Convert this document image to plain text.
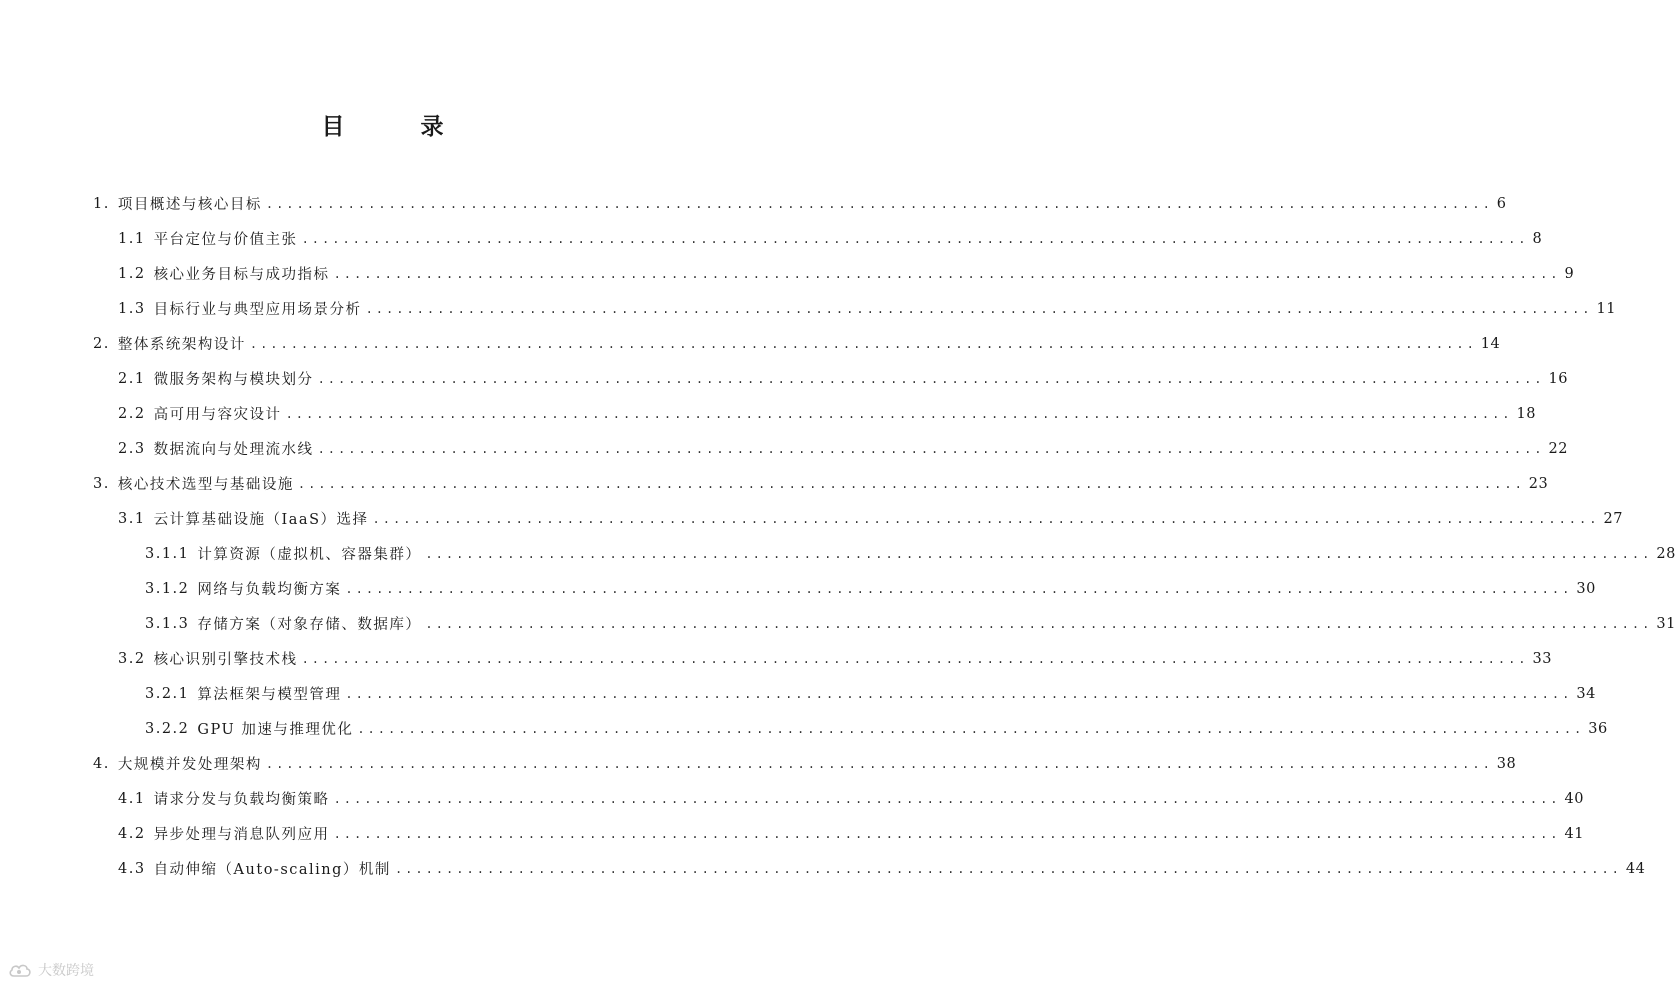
目 录
1. 项目概述与核心目标 ........................................................................................................................ 6
1.1 平台定位与价值主张 ........................................................................................................................ 8
1.2 核心业务目标与成功指标 ........................................................................................................................ 9
1.3 目标行业与典型应用场景分析 ........................................................................................................................ 11
2. 整体系统架构设计 ........................................................................................................................ 14
2.1 微服务架构与模块划分 ........................................................................................................................ 16
2.2 高可用与容灾设计 ........................................................................................................................ 18
2.3 数据流向与处理流水线 ........................................................................................................................ 22
3. 核心技术选型与基础设施 ........................................................................................................................ 23
3.1 云计算基础设施（IaaS）选择 ........................................................................................................................ 27
3.1.1 计算资源（虚拟机、容器集群） ........................................................................................................................ 28
3.1.2 网络与负载均衡方案 ........................................................................................................................ 30
3.1.3 存储方案（对象存储、数据库） ........................................................................................................................ 31
3.2 核心识别引擎技术栈 ........................................................................................................................ 33
3.2.1 算法框架与模型管理 ........................................................................................................................ 34
3.2.2 GPU 加速与推理优化 ........................................................................................................................ 36
4. 大规模并发处理架构 ........................................................................................................................ 38
4.1 请求分发与负载均衡策略 ........................................................................................................................ 40
4.2 异步处理与消息队列应用 ........................................................................................................................ 41
4.3 自动伸缩（Auto-scaling）机制 ........................................................................................................................ 44
大数跨境
